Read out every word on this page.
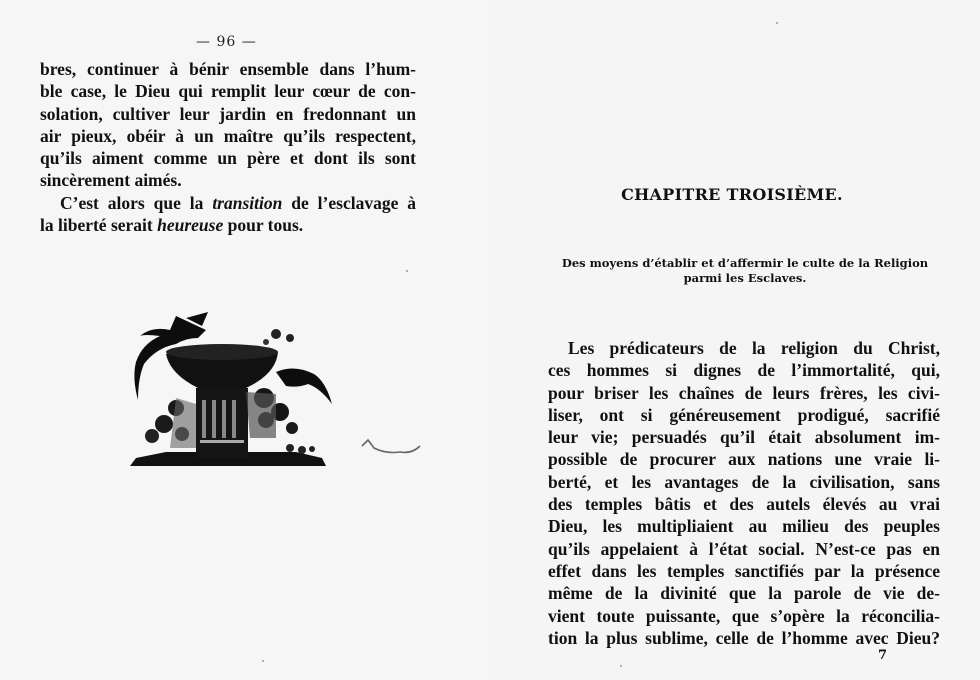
— 96 —
bres, continuer à bénir ensemble dans l’hum-
ble case, le Dieu qui remplit leur cœur de con-
solation, cultiver leur jardin en fredonnant un
air pieux, obéir à un maître qu’ils respectent,
qu’ils aiment comme un père et dont ils sont
sincèrement aimés.
C’est alors que la transition de l’esclavage à
la liberté serait heureuse pour tous.
CHAPITRE TROISIÈME.
Des moyens d’établir et d’affermir le culte de la Religion
parmi les Esclaves.
Les prédicateurs de la religion du Christ,
ces hommes si dignes de l’immortalité, qui,
pour briser les chaînes de leurs frères, les civi-
liser, ont si généreusement prodigué, sacrifié
leur vie; persuadés qu’il était absolument im-
possible de procurer aux nations une vraie li-
berté, et les avantages de la civilisation, sans
des temples bâtis et des autels élevés au vrai
Dieu, les multipliaient au milieu des peuples
qu’ils appelaient à l’état social. N’est-ce pas en
effet dans les temples sanctifiés par la présence
même de la divinité que la parole de vie de-
vient toute puissante, que s’opère la réconcilia-
tion la plus sublime, celle de l’homme avec Dieu?
7
